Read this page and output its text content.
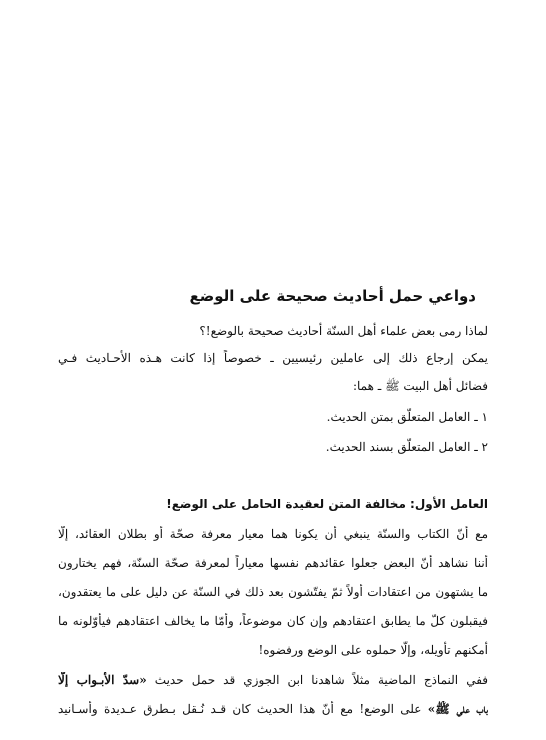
دواعي حمل أحاديث صحيحة على الوضع
لماذا رمى بعض علماء أهل السنّة أحاديث صحيحة بالوضع!؟
يمكن إرجاع ذلك إلى عاملين رئيسيين ـ خصوصاً إذا كانت هـذه الأحـاديث فـي
فضائل أهل البيت ﷺ ـ هما:
١ ـ العامل المتعلّق بمتن الحديث.
٢ ـ العامل المتعلّق بسند الحديث.
العامل الأول: مخالفة المتن لعقيدة الحامل على الوضع!
مع أنّ الكتاب والسنّة ينبغي أن يكونا هما معيار معرفة صحّة أو بطلان العقائد، إلّا
أننا نشاهد أنّ البعض جعلوا عقائدهم نفسها معياراً لمعرفة صحّة السنّة، فهم يختارون
ما يشتهون من اعتقادات أولاً ثمّ يفتّشون بعد ذلك في السنّة عن دليل على ما يعتقدون،
فيقبلون كلّ ما يطابق اعتقادهم وإن كان موضوعاً، وأمّا ما يخالف اعتقادهم فيأوّلونه ما
أمكنهم تأويله، وإلّا حملوه على الوضع ورفضوه!
ففي النماذج الماضية مثلاً شاهدنا ابن الجوزي قد حمل حديث «سدّ الأبـواب إلّا
باب علي ﷺ» على الوضع! مع أنّ هذا الحديث كان قـد نُـقل بـطرق عـديدة وأسـانيد
